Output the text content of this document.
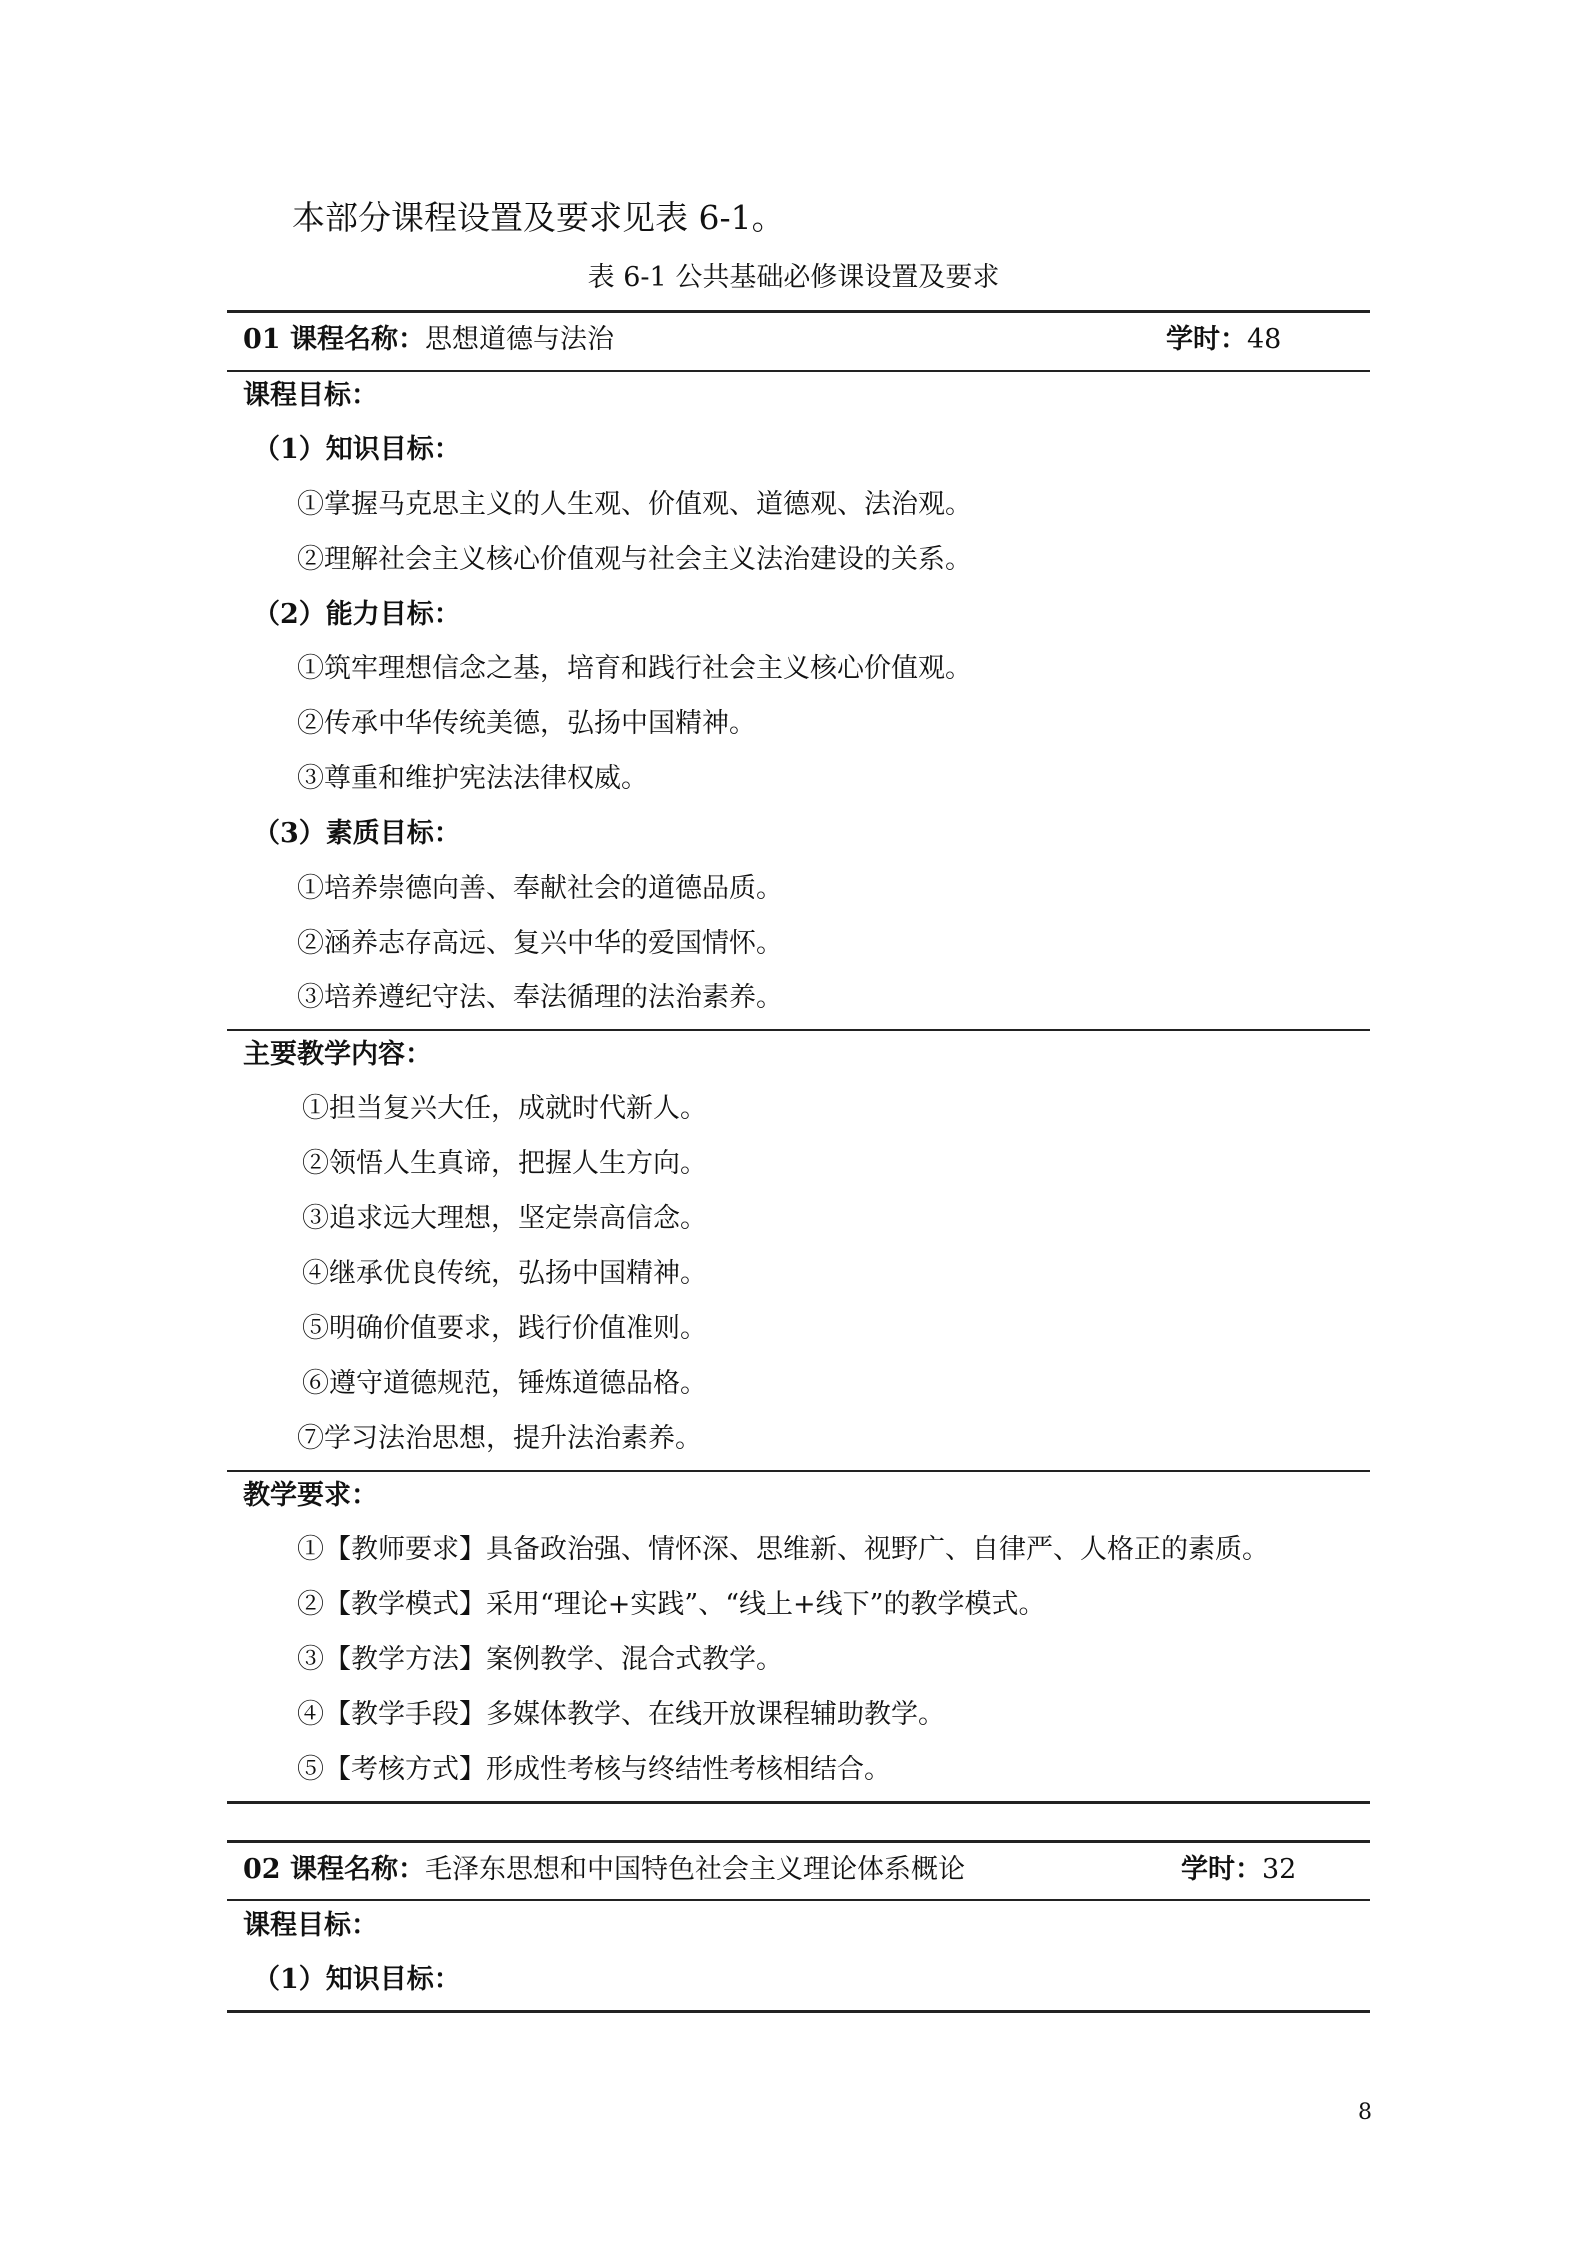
本部分课程设置及要求见表 6-1。
表 6-1 公共基础必修课设置及要求
01 课程名称：思想道德与法治	学时：48
课程目标：
（1）知识目标：
①掌握马克思主义的人生观、价值观、道德观、法治观。
②理解社会主义核心价值观与社会主义法治建设的关系。
（2）能力目标：
①筑牢理想信念之基，培育和践行社会主义核心价值观。
②传承中华传统美德，弘扬中国精神。
③尊重和维护宪法法律权威。
（3）素质目标：
①培养崇德向善、奉献社会的道德品质。
②涵养志存高远、复兴中华的爱国情怀。
③培养遵纪守法、奉法循理的法治素养。
主要教学内容：
①担当复兴大任，成就时代新人。
②领悟人生真谛，把握人生方向。
③追求远大理想，坚定崇高信念。
④继承优良传统，弘扬中国精神。
⑤明确价值要求，践行价值准则。
⑥遵守道德规范，锤炼道德品格。
⑦学习法治思想，提升法治素养。
教学要求：
①【教师要求】具备政治强、情怀深、思维新、视野广、自律严、人格正的素质。
②【教学模式】采用“理论+实践”、“线上+线下”的教学模式。
③【教学方法】案例教学、混合式教学。
④【教学手段】多媒体教学、在线开放课程辅助教学。
⑤【考核方式】形成性考核与终结性考核相结合。
02 课程名称：毛泽东思想和中国特色社会主义理论体系概论	学时：32
课程目标：
（1）知识目标：
8
